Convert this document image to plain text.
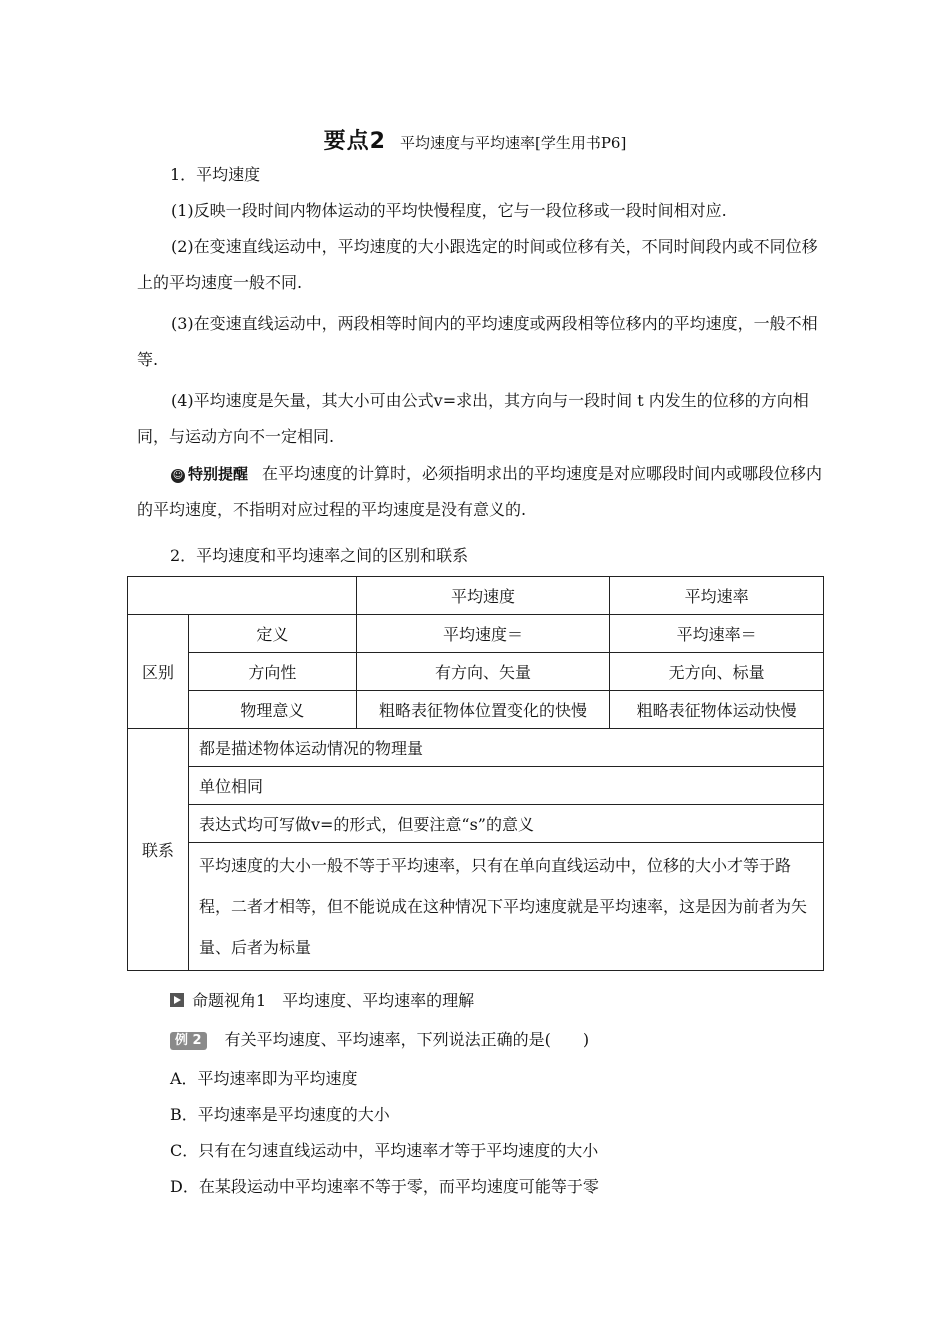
要点2 平均速度与平均速率[学生用书P6]
1．平均速度
(1)反映一段时间内物体运动的平均快慢程度，它与一段位移或一段时间相对应.
(2)在变速直线运动中，平均速度的大小跟选定的时间或位移有关，不同时间段内或不同位移上的平均速度一般不同.
(3)在变速直线运动中，两段相等时间内的平均速度或两段相等位移内的平均速度，一般不相等.
(4)平均速度是矢量，其大小可由公式v=求出，其方向与一段时间 t 内发生的位移的方向相同，与运动方向不一定相同.
☺ 特别提醒 在平均速度的计算时，必须指明求出的平均速度是对应哪段时间内或哪段位移内的平均速度，不指明对应过程的平均速度是没有意义的.
2．平均速度和平均速率之间的区别和联系
		平均速度	平均速率
区别	定义	平均速度＝	平均速率＝
	方向性	有方向、矢量	无方向、标量
	物理意义	粗略表征物体位置变化的快慢	粗略表征物体运动快慢
联系	都是描述物体运动情况的物理量		
	单位相同		
	表达式均可写做v=的形式，但要注意“s”的意义		
	平均速度的大小一般不等于平均速率，只有在单向直线运动中，位移的大小才等于路程，二者才相等，但不能说成在这种情况下平均速度就是平均速率，这是因为前者为矢量、后者为标量		
命题视角1　平均速度、平均速率的理解
例 2 有关平均速度、平均速率，下列说法正确的是(　　)
A．平均速率即为平均速度
B．平均速率是平均速度的大小
C．只有在匀速直线运动中，平均速率才等于平均速度的大小
D．在某段运动中平均速率不等于零，而平均速度可能等于零
